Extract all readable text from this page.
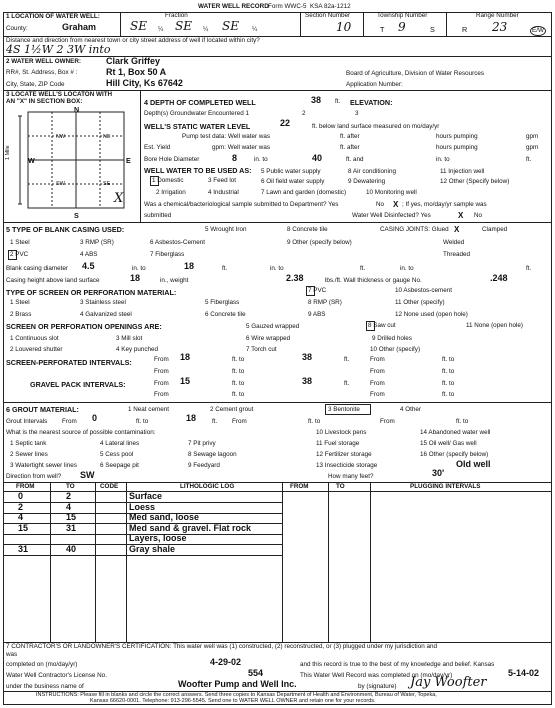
WATER WELL RECORD Form WWC-5 KSA 82a-1212
1 LOCATION OF WATER WELL:
County:	Graham
Fraction
SE ¼ SE ¼ SE ¼
Section Number
10
Township Number
T 9	S
Range Number
R 23	E/W
Distance and direction from nearest town or city street address of well if located within city?
4S 1½W 2 3W into
2 WATER WELL OWNER:	Clark Griffey
RR#, St. Address, Box # :	Rt 1, Box 50 A
City, State, ZIP Code	Hill City, Ks 67642
Board of Agriculture, Division of Water Resources
Application Number:
3 LOCATE WELL'S LOCATON WITH
AN "X" IN SECTION BOX:
N
S
W	E
NW	NE
SW	SE
1 Mile
X
4 DEPTH OF COMPLETED WELL	38 ft. ELEVATION:
Depth(s) Groundwater Encountered 1	2	3
WELL'S STATIC WATER LEVEL	22	ft. below land surface measured on mo/day/yr
Pump test data: Well water was	ft. after	hours pumping	gpm
Est. Yield	gpm: Well water was	ft. after	hours pumping	gpm
Bore Hole Diameter	8	in. to	40	ft. and	in. to	ft.
WELL WATER TO BE USED AS:
1 Domestic	3 Feed lot
5 Public water supply	8 Air conditioning	11 Injection well
2 Irrigation	4 Industrial
6 Oil field water supply	9 Dewatering	12 Other (Specify below)
7 Lawn and garden (domestic)	10 Monitoring well
Was a chemical/bacteriological sample submitted to Department? Yes	No X ; If yes, mo/day/yr sample was
submitted	Water Well Disinfected? Yes	X No
5 TYPE OF BLANK CASING USED:	5 Wrought Iron	8 Concrete tile	CASING JOINTS: Glued X	Clamped
1 Steel	3 RMP (SR)	6 Asbestos-Cement	9 Other (specify below)	Welded
2 PVC	4 ABS	7 Fiberglass	Threaded
Blank casing diameter 4.5	in. to	18	ft.	in. to	ft.	in. to	ft.
Casing height above land surface	18	in., weight	2.38	lbs./ft. Wall thickness or gauge No.	.248
TYPE OF SCREEN OR PERFORATION MATERIAL:
1 Steel	3 Stainless steel	5 Fiberglass
7 PVC	10 Asbestos-cement
8 RMP (SR)	11 Other (specify)
2 Brass	4 Galvanized steel	6 Concrete tile	9 ABS	12 None used (open hole)
SCREEN OR PERFORATION OPENINGS ARE:	5 Gauzed wrapped	8 Saw cut	11 None (open hole)
1 Continuous slot	3 Mill slot	6 Wire wrapped	9 Drilled holes
2 Louvered shutter	4 Key punched	7 Torch cut	10 Other (specify)
SCREEN-PERFORATED INTERVALS:	From 18	ft. to	38	ft.	From	ft. to
From	ft. to	From	ft. to
GRAVEL PACK INTERVALS:	From 15	ft. to	38	ft.	From	ft. to
From	ft. to	From	ft. to
6 GROUT MATERIAL:	1 Neat cement	2 Cement grout	3 Bentonite	4 Other
Grout Intervals From 0	ft. to	18	ft. From	ft. to	From	ft. to
What is the nearest source of possible contamination:
1 Septic tank	4 Lateral lines	7 Pit privy
10 Livestock pens	14 Abandoned water well
2 Sewer lines	5 Cess pool	8 Sewage lagoon
11 Fuel storage	15 Oil well/ Gas well
3 Watertight sewer lines	6 Seepage pit	9 Feedyard
12 Fertilizer storage	16 Other (specify below)
13 Insecticide storage	Old well
Direction from well? SW	How many feet?	30'
FROM	TO	CODE	LITHOLOGIC LOG	FROM	TO	PLUGGING INTERVALS
0	2	Surface
2	4	Loess
4	15	Med sand, loose
15	31	Med sand & gravel. Flat rock
Layers, loose
31	40	Gray shale
7 CONTRACTOR'S OR LANDOWNER'S CERTIFICATION: This water well was (1) constructed, (2) reconstructed, or (3) plugged under my jurisdiction and
was
completed on (mo/day/yr)	4-29-02	and this record is true to the best of my knowledge and belief. Kansas
Water Well Contractor's License No.	554	This Water Well Record was completed on (mo/day/yr)	5-14-02
under the business name of	Woofter Pump and Well Inc.	by (signature) Jay Woofter
INSTRUCTIONS: Please fill in blanks and circle the correct answers. Send three copies to Kansas Department of Health and Environment, Bureau of Water, Topeka,
Kansas 66620-0001. Telephone: 913-296-5545. Send one to WATER WELL OWNER and retain one for your records.
